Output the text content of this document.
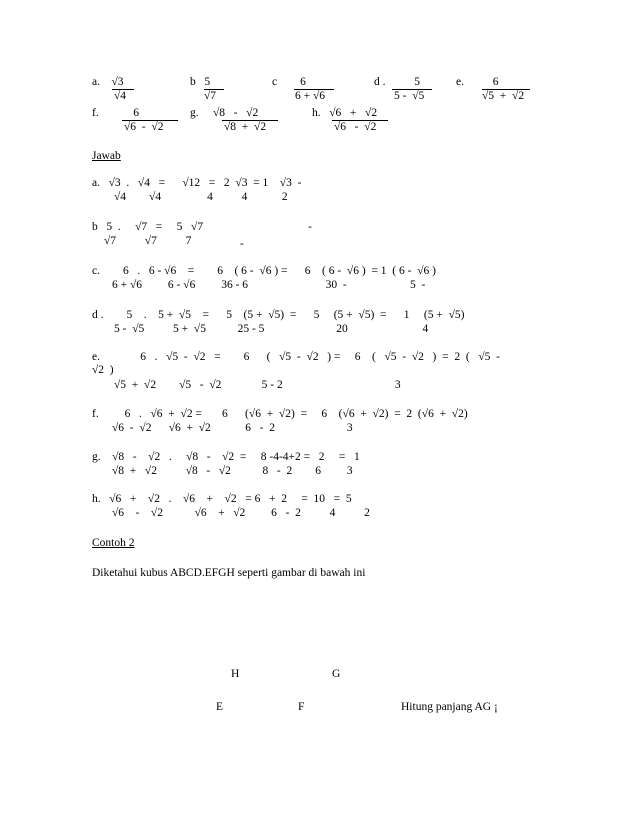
a.    √3	b   5	c        6	d .          5 e.          6
√4	√7	6 + √6	5 -  √5	√5  +  √2
f.            6	g.     √8   -   √2	h.   √6   +   √2
√6  -  √2	√8  +  √2	√6   -  √2
Jawab
a.   √3  .   √4   =      √12   =   2  √3  = 1    √3  -
√4        √4                4          4            2
b   5  .     √7   =     5   √7	-
√7          √7          7	-
c.        6   .   6 - √6    =        6    ( 6 -  √6 ) =      6    ( 6 -  √6 )  = 1  ( 6 -  √6 )
6 + √6         6 - √6         36 - 6                           30  -                      5  -
d .        5    .    5 +  √5    =      5    (5 +  √5)  =      5     (5 +  √5)  =      1     (5 +  √5)
5 -  √5          5 +  √5           25 - 5                         20                          4
e.              6   .   √5  -  √2   =        6      (   √5  -  √2   ) =     6    (   √5  -  √2   )  =  2  (   √5  -
√2  )
√5  +  √2        √5   -  √2              5 - 2                                       3
f.         6   .   √6  +  √2 =       6      (√6  +  √2)  =     6    (√6  +  √2)  =  2  (√6  +  √2)
√6  -  √2      √6  +  √2            6   -  2                         3
g.    √8   -    √2   .     √8   -    √2  =     8 -4-4+2 =   2     =   1
√8  +   √2          √8   -   √2           8   -  2        6         3
h.   √6   +    √2   .    √6    +    √2   = 6   +  2     =  10   =  5
√6    -    √2           √6    +   √2         6   -  2          4          2
Contoh 2
Diketahui kubus ABCD.EFGH seperti gambar di bawah ini
H	G
E	F	Hitung panjang AG ¡
